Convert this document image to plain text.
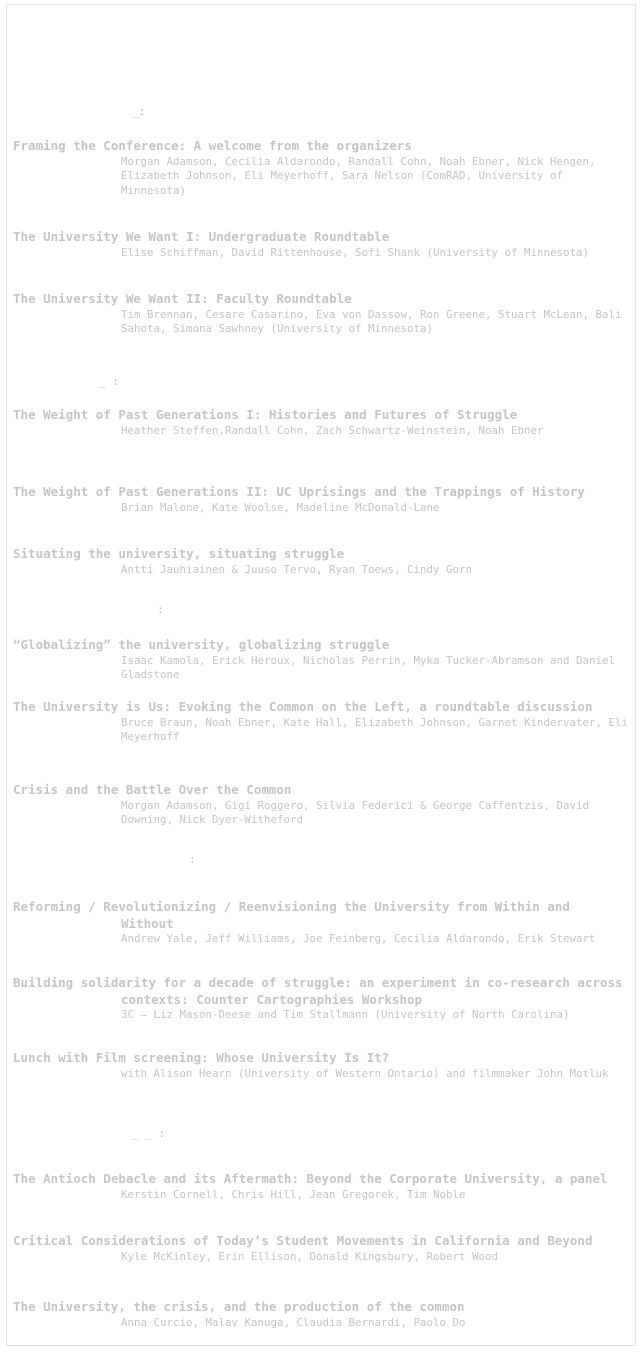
_:

Framing the Conference: A welcome from the organizers

Morgan Adamson, Cecilia Aldarondo, Randall Cohn, Noah Ebner, Nick Hengen, Elizabeth Johnson, Eli Meyerhoff, Sara Nelson (ComRAD, University of Minnesota)

The University We Want I: Undergraduate Roundtable

Elise Schiffman, David Rittenhouse, Sofi Shank (University of Minnesota)

The University We Want II: Faculty Roundtable

Tim Brennan, Cesare Casarino, Eva von Dassow, Ron Greene, Stuart McLean, Bali Sahota, Simona Sawhney (University of Minnesota)

_ :

The Weight of Past Generations I: Histories and Futures of Struggle

Heather Steffen,Randall Cohn, Zach Schwartz-Weinstein, Noah Ebner

The Weight of Past Generations II: UC Uprisings and the Trappings of History

Brian Malone, Kate Woolse, Madeline McDonald-Lane

Situating the university, situating struggle

Antti Jauhiainen & Juuso Tervo, Ryan Toews, Cindy Gorn

:

“Globalizing” the university, globalizing struggle

Isaac Kamola, Erick Heroux, Nicholas Perrin, Myka Tucker-Abramson and Daniel Gladstone

The University is Us: Evoking the Common on the Left, a roundtable discussion

Bruce Braun, Noah Ebner, Kate Hall, Elizabeth Johnson, Garnet Kindervater, Eli Meyerhoff

Crisis and the Battle Over the Common

Morgan Adamson, Gigi Roggero, Silvia Federici & George Caffentzis, David Downing, Nick Dyer-Witheford

:

Reforming / Revolutionizing / Reenvisioning the University from Within and Without

Andrew Yale, Jeff Williams, Joe Feinberg, Cecilia Aldarondo, Erik Stewart

Building solidarity for a decade of struggle: an experiment in co-research across contexts: Counter Cartographies Workshop

3C — Liz Mason-Deese and Tim Stallmann (University of North Carolina)

Lunch with Film screening: Whose University Is It?

with Alison Hearn (University of Western Ontario) and filmmaker John Motluk

_ _ :

The Antioch Debacle and its Aftermath: Beyond the Corporate University, a panel

Kerstin Cornell, Chris Hill, Jean Gregorek, Tim Noble

Critical Considerations of Today’s Student Movements in California and Beyond

Kyle McKinley, Erin Ellison, Donald Kingsbury, Robert Wood

The University, the crisis, and the production of the common

Anna Curcio, Malav Kanuga, Claudia Bernardi, Paolo Do
